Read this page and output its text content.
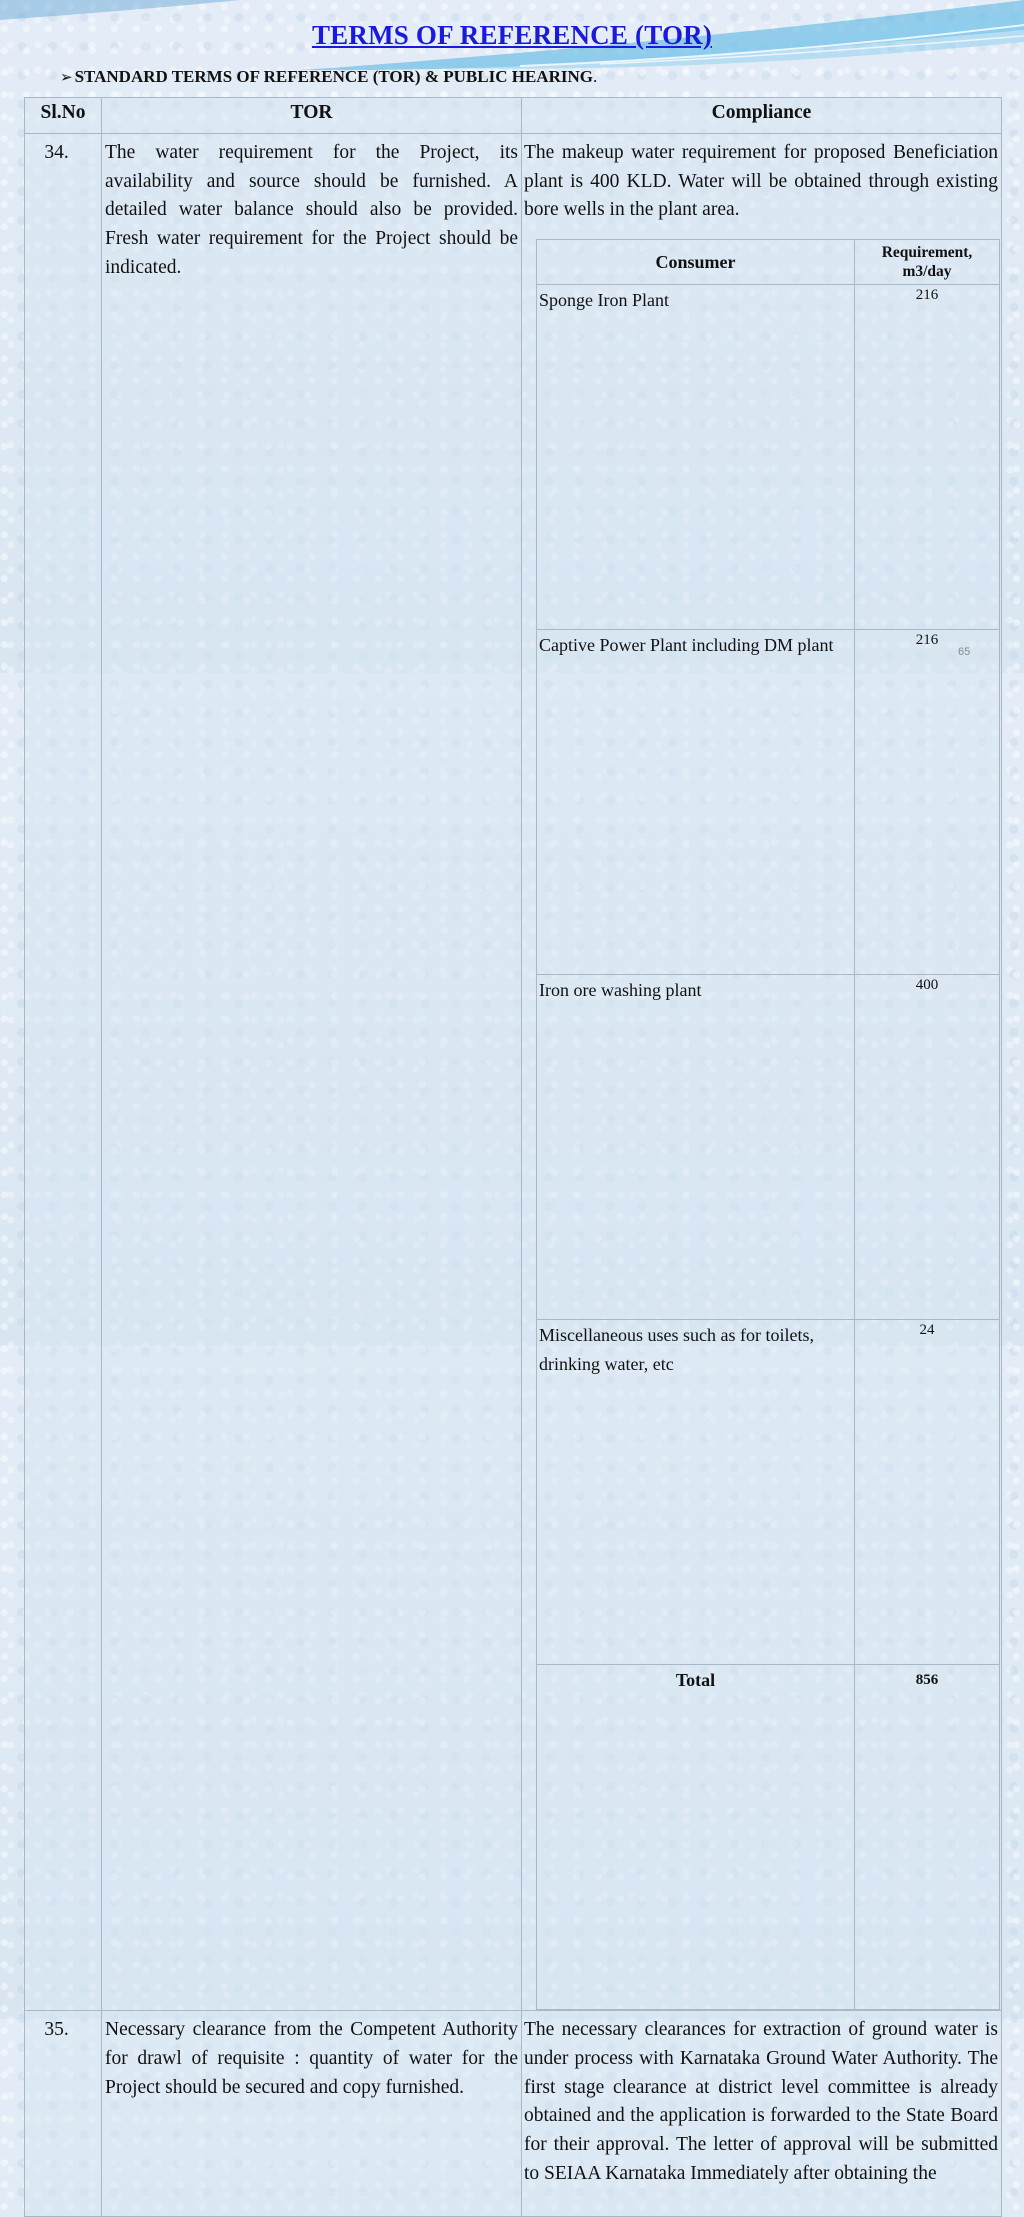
TERMS OF REFERENCE (TOR)
➢ STANDARD TERMS OF REFERENCE (TOR) & PUBLIC HEARING.
Sl.No	TOR	Compliance
34.	The water requirement for the Project, its availability and source should be furnished. A detailed water balance should also be provided. Fresh water requirement for the Project should be indicated.	
The makeup water requirement for proposed Beneficiation plant is 400 KLD. Water will be obtained through existing bore wells in the plant area.
Consumer	Requirement, m3/day
Sponge Iron Plant	216
Captive Power Plant including DM plant	216
Iron ore washing plant	400
Miscellaneous uses such as for toilets, drinking water, etc	24
Total	856

35.	Necessary clearance from the Competent Authority for drawl of requisite : quantity of water for the Project should be secured and copy furnished.	The necessary clearances for extraction of ground water is under process with Karnataka Ground Water Authority. The first stage clearance at district level committee is already obtained and the application is forwarded to the State Board for their approval. The letter of approval will be submitted to SEIAA Karnataka Immediately after obtaining the
65
